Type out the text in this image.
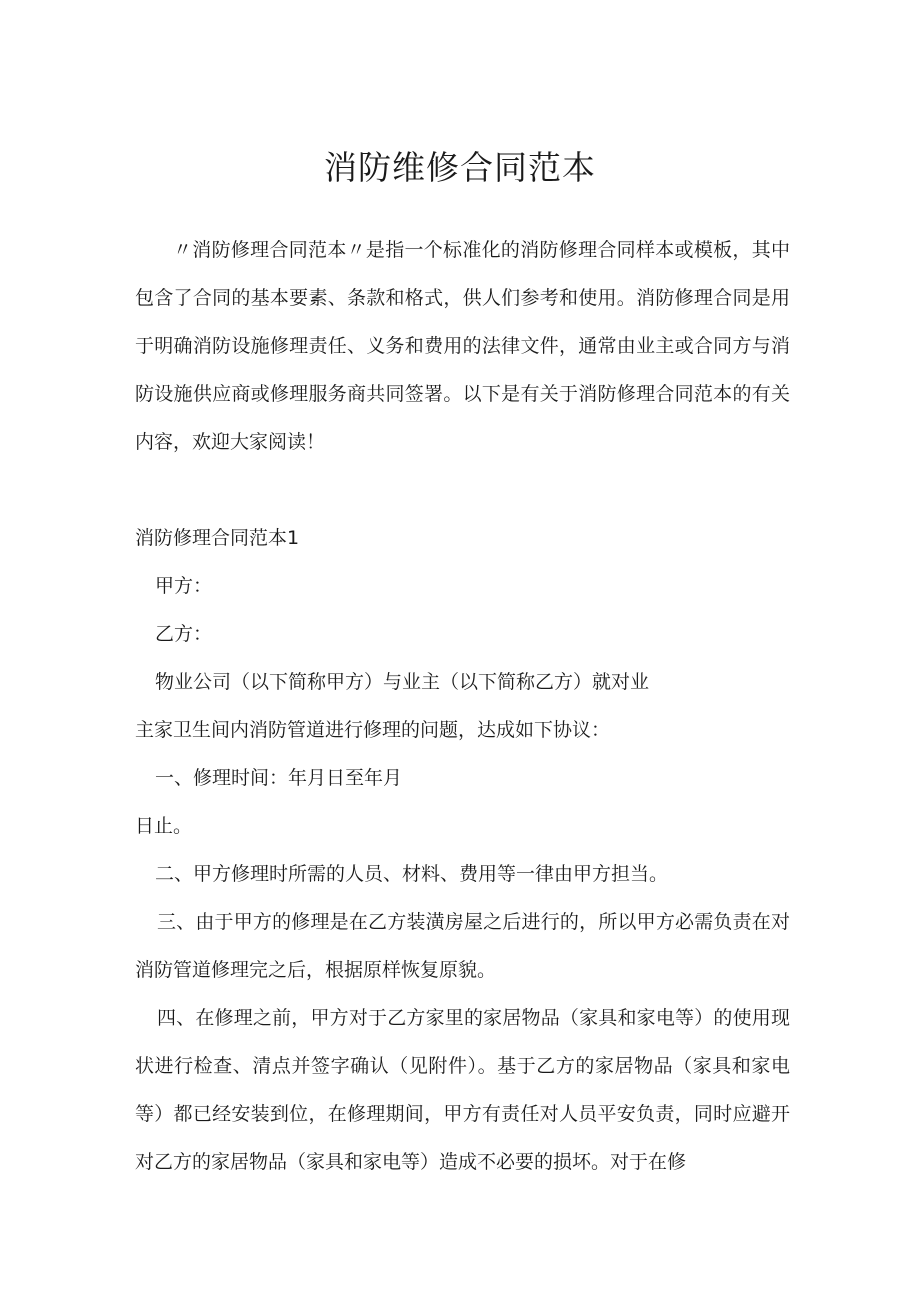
消防维修合同范本

〃消防修理合同范本〃是指一个标准化的消防修理合同样本或模板，其中包含了合同的基本要素、条款和格式，供人们参考和使用。消防修理合同是用于明确消防设施修理责任、义务和费用的法律文件，通常由业主或合同方与消防设施供应商或修理服务商共同签署。以下是有关于消防修理合同范本的有关内容，欢迎大家阅读！

消防修理合同范本1

甲方：

乙方：

物业公司（以下简称甲方）与业主（以下简称乙方）就对业

主家卫生间内消防管道进行修理的问题，达成如下协议：

一、修理时间：年月日至年月

日止。

二、甲方修理时所需的人员、材料、费用等一律由甲方担当。

三、由于甲方的修理是在乙方装潢房屋之后进行的，所以甲方必需负责在对消防管道修理完之后，根据原样恢复原貌。

四、在修理之前，甲方对于乙方家里的家居物品（家具和家电等）的使用现状进行检查、清点并签字确认（见附件）。基于乙方的家居物品（家具和家电等）都已经安装到位，在修理期间，甲方有责任对人员平安负责，同时应避开对乙方的家居物品（家具和家电等）造成不必要的损坏。对于在修
